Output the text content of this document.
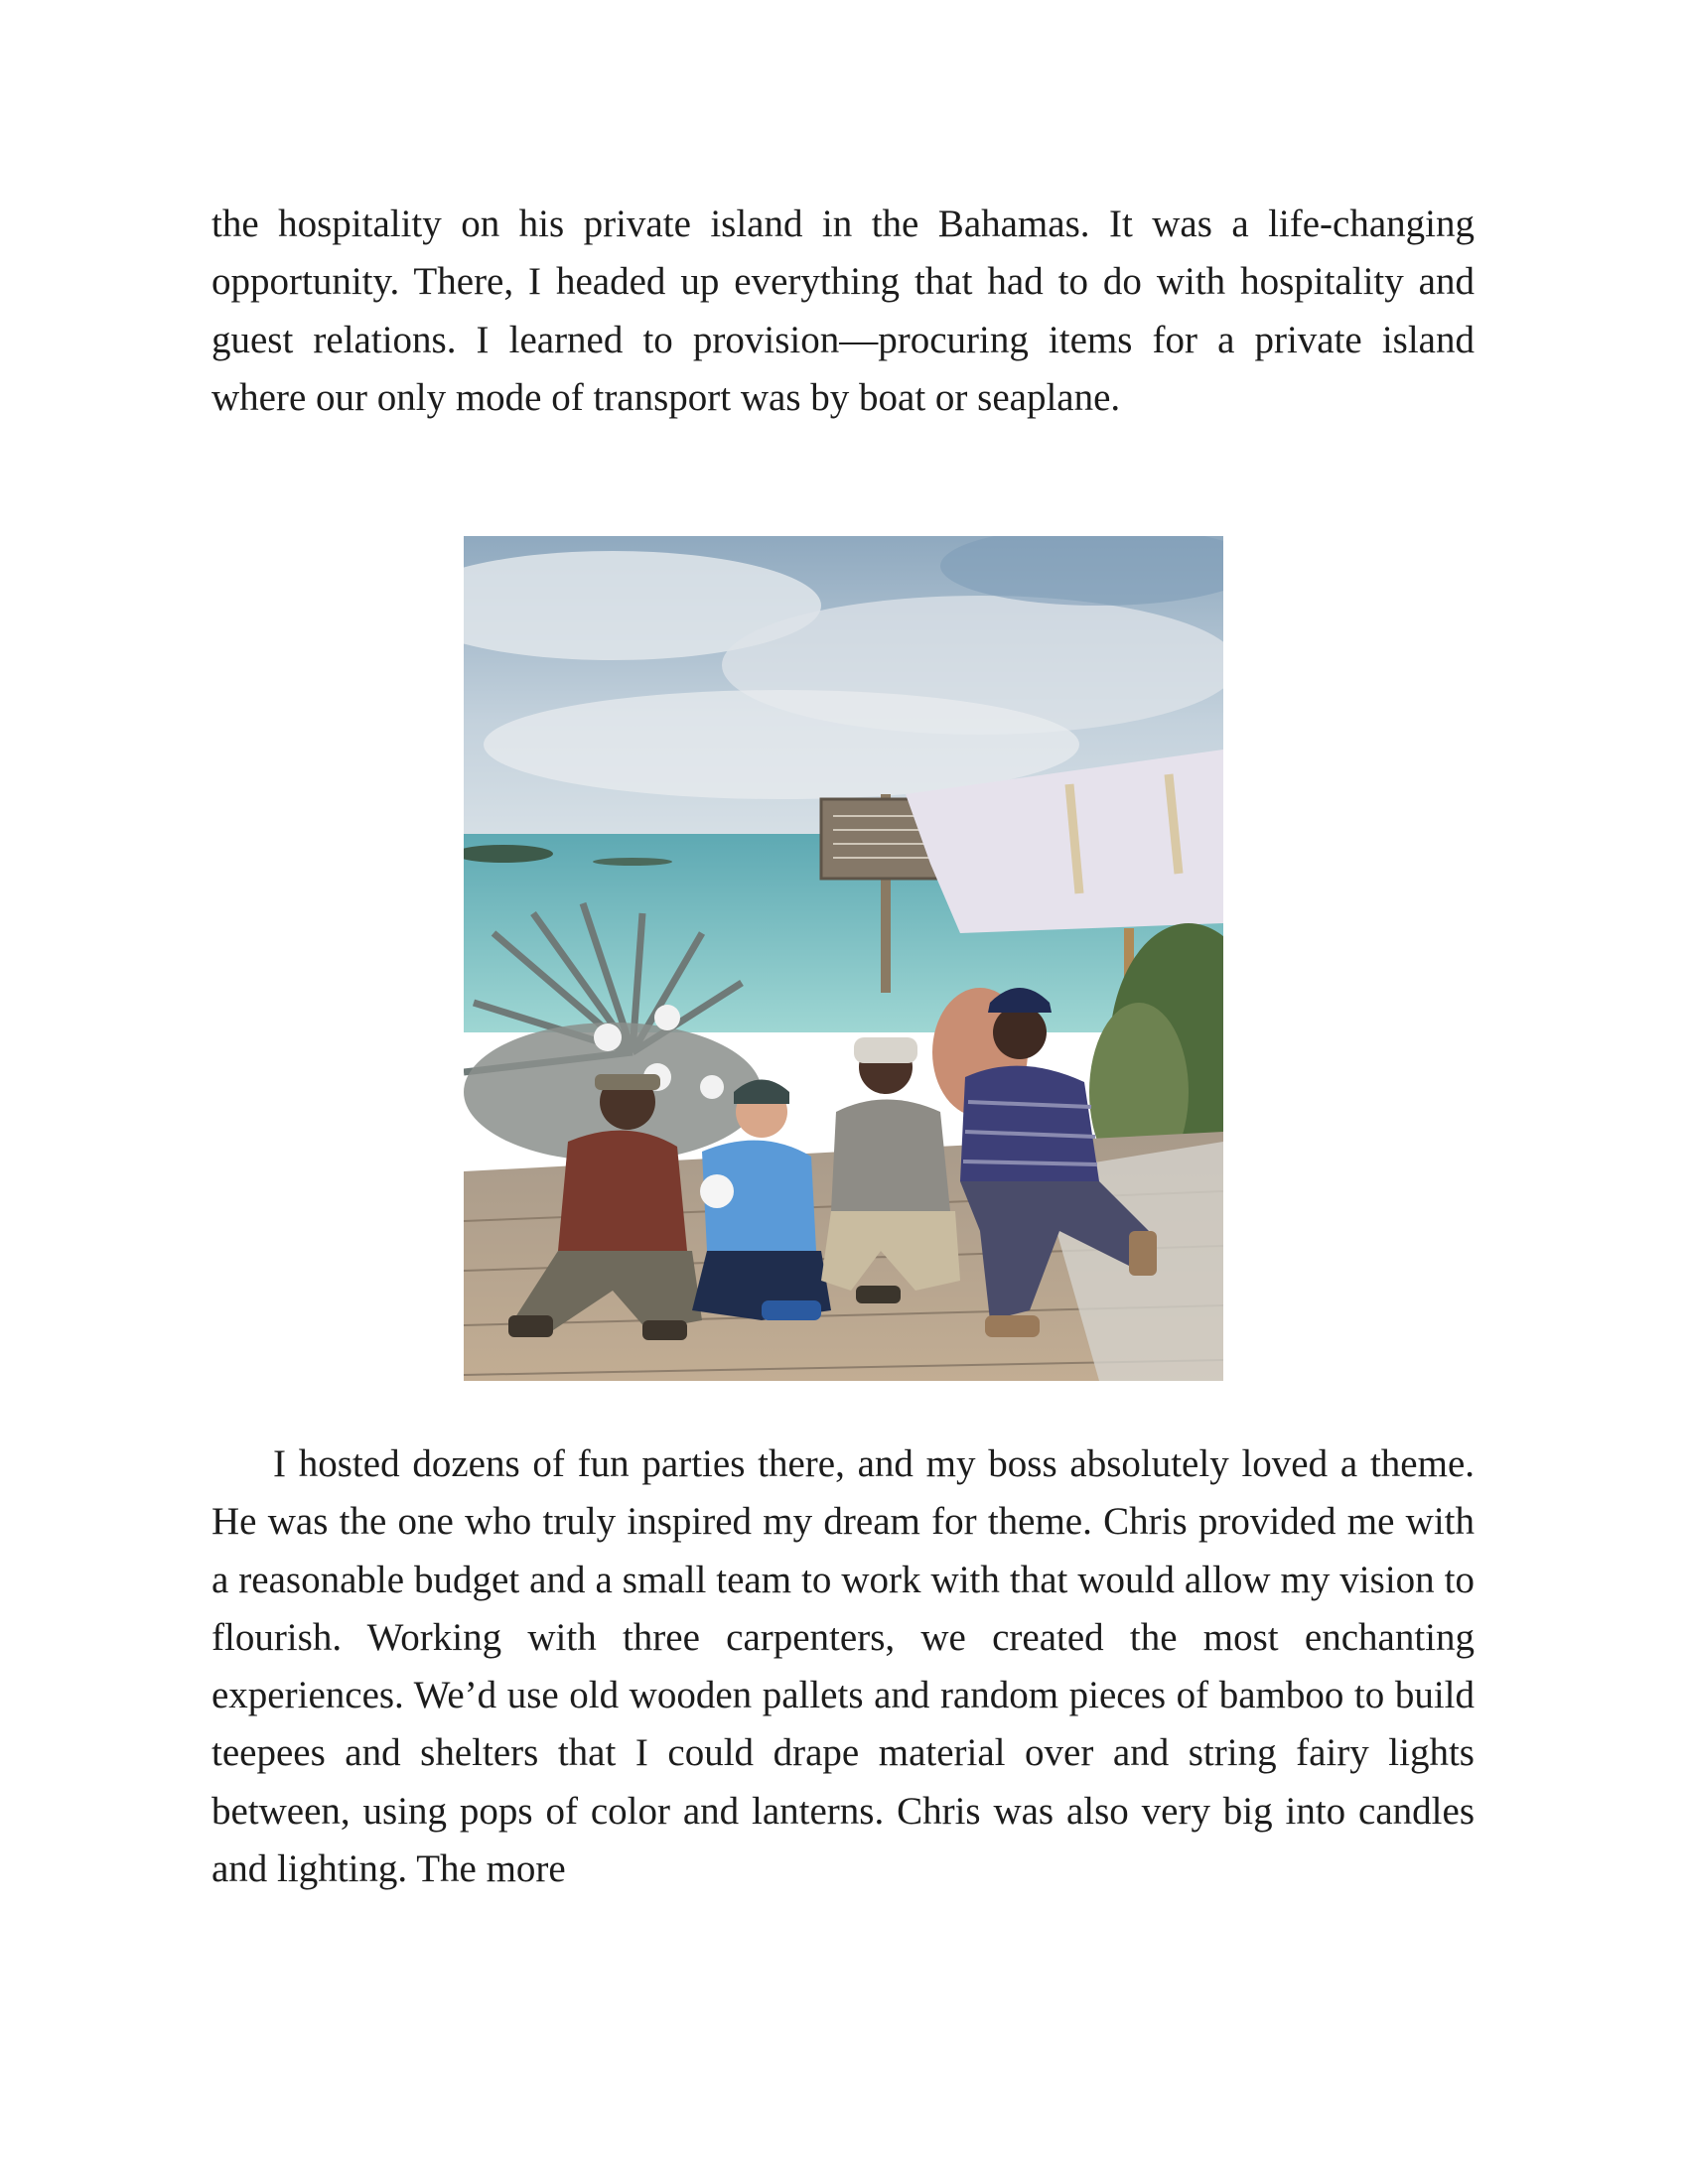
the hospitality on his private island in the Bahamas. It was a life-changing opportunity. There, I headed up everything that had to do with hospitality and guest relations. I learned to provision—procuring items for a private island where our only mode of transport was by boat or seaplane.

I hosted dozens of fun parties there, and my boss absolutely loved a theme. He was the one who truly inspired my dream for theme. Chris provided me with a reasonable budget and a small team to work with that would allow my vision to flourish. Working with three carpenters, we created the most enchanting experiences. We’d use old wooden pallets and random pieces of bamboo to build teepees and shelters that I could drape material over and string fairy lights between, using pops of color and lanterns. Chris was also very big into candles and lighting. The more
